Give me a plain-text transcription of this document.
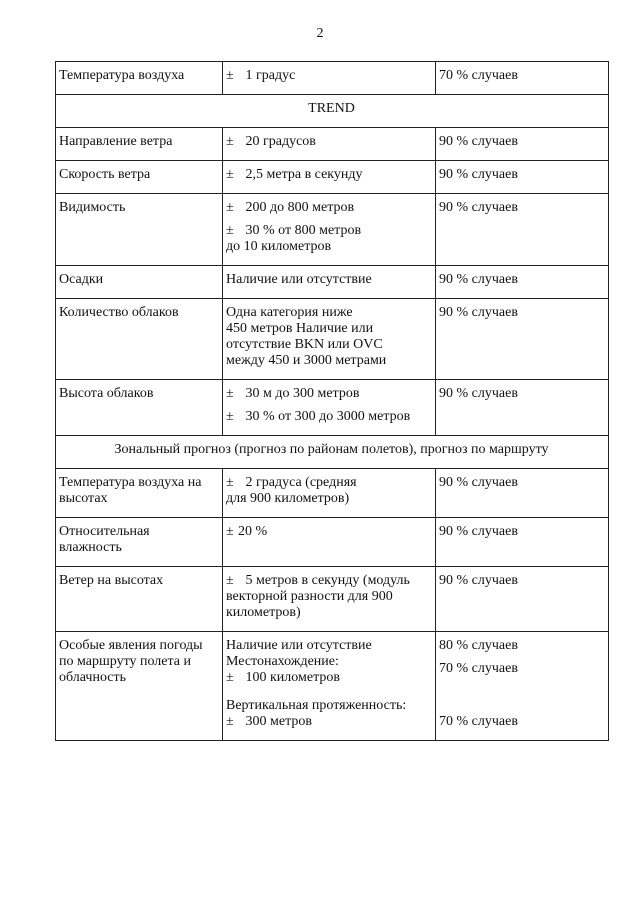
2
Температура воздуха	± 1 градус	70 % случаев
TREND		
Направление ветра	± 20 градусов	90 % случаев
Скорость ветра	± 2,5 метра в секунду	90 % случаев
Видимость	± 200 до 800 метров
± 30 % от 800 метров
до 10 километров	90 % случаев
Осадки	Наличие или отсутствие	90 % случаев
Количество облаков	Одна категория ниже
450 метров Наличие или
отсутствие BKN или OVC
между 450 и 3000 метрами	90 % случаев
Высота облаков	± 30 м до 300 метров
± 30 % от 300 до 3000 метров	90 % случаев
Зональный прогноз (прогноз по районам полетов), прогноз по маршруту		

Температура воздуха на
высотах	± 2 градуса (средняя
для 900 километров)	90 % случаев

Относительная
влажность	± 20 %	90 % случаев
Ветер на высотах	± 5 метров в секунду (модуль
векторной разности для 900
километров)	90 % случаев

Особые явления погоды
по маршруту полета и
облачность	Наличие или отсутствие
Местонахождение:
± 100 километров
Вертикальная протяженность:
± 300 метров	80 % случаев
70 % случаев
70 % случаев
